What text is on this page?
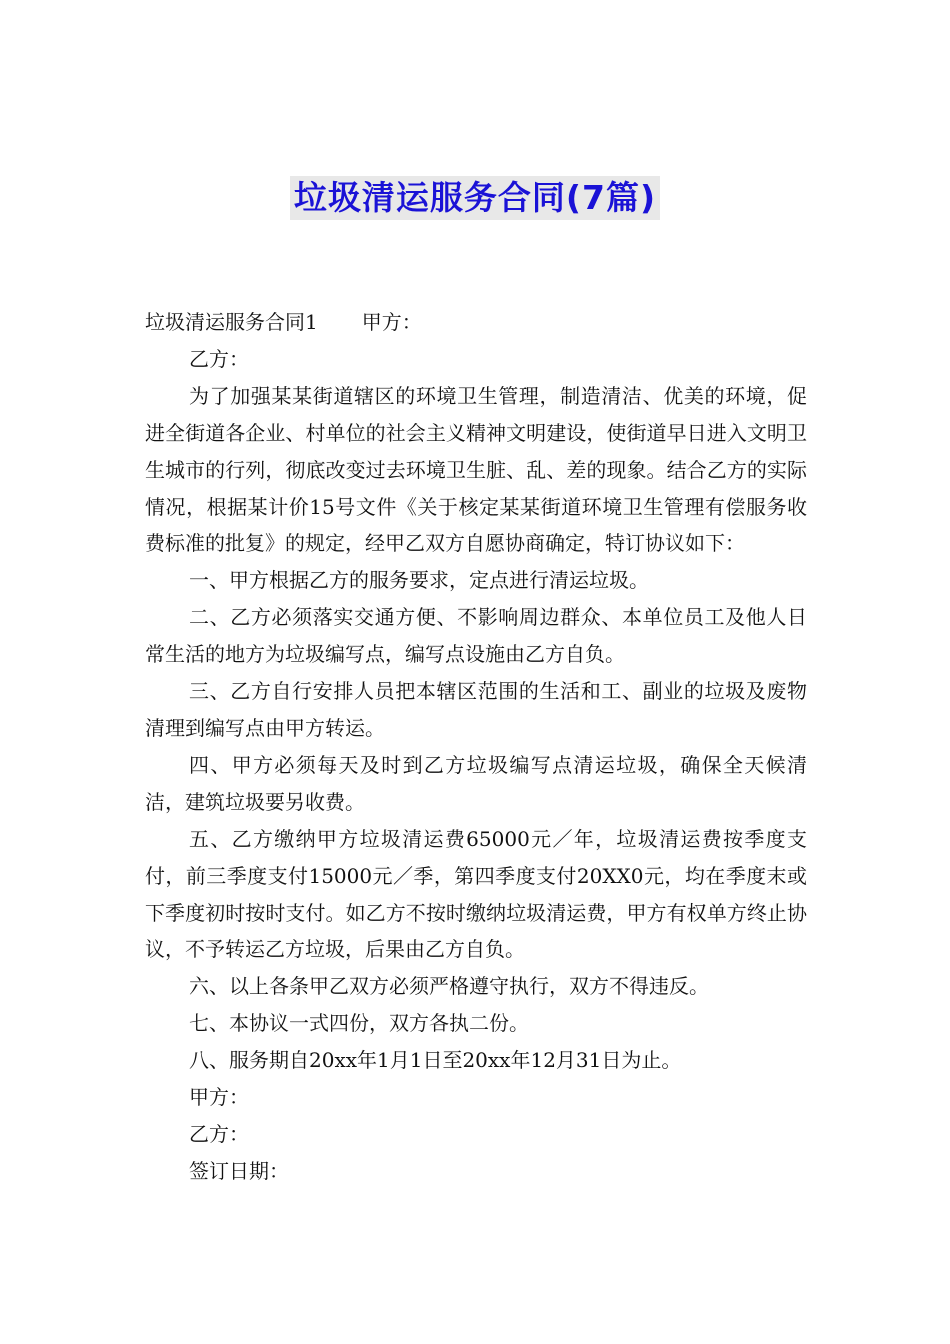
垃圾清运服务合同(7篇)

垃圾清运服务合同1 甲方：

乙方：

为了加强某某街道辖区的环境卫生管理，制造清洁、优美的环境，促进全街道各企业、村单位的社会主义精神文明建设，使街道早日进入文明卫生城市的行列，彻底改变过去环境卫生脏、乱、差的现象。结合乙方的实际情况，根据某计价15号文件《关于核定某某街道环境卫生管理有偿服务收费标准的批复》的规定，经甲乙双方自愿协商确定，特订协议如下：

一、甲方根据乙方的服务要求，定点进行清运垃圾。

二、乙方必须落实交通方便、不影响周边群众、本单位员工及他人日常生活的地方为垃圾编写点，编写点设施由乙方自负。

三、乙方自行安排人员把本辖区范围的生活和工、副业的垃圾及废物清理到编写点由甲方转运。

四、甲方必须每天及时到乙方垃圾编写点清运垃圾，确保全天候清洁，建筑垃圾要另收费。

五、乙方缴纳甲方垃圾清运费65000元／年，垃圾清运费按季度支付，前三季度支付15000元／季，第四季度支付20XX0元，均在季度末或下季度初时按时支付。如乙方不按时缴纳垃圾清运费，甲方有权单方终止协议，不予转运乙方垃圾，后果由乙方自负。

六、以上各条甲乙双方必须严格遵守执行，双方不得违反。

七、本协议一式四份，双方各执二份。

八、服务期自20xx年1月1日至20xx年12月31日为止。

甲方：

乙方：

签订日期：
